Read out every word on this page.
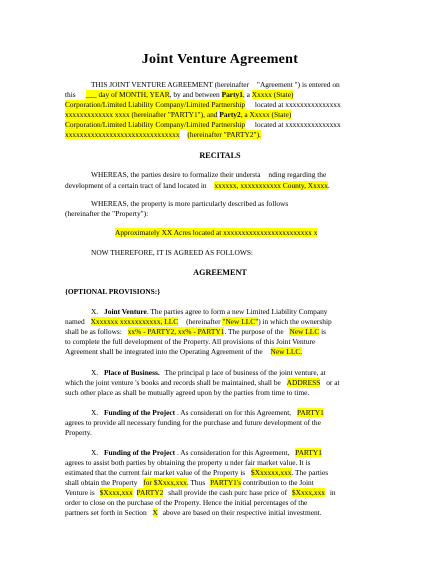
Joint Venture Agreement
THIS JOINT VENTURE AGREEMENT (hereinafter "Agreement ") is entered on
this ___ day of MONTH, YEAR, by and between Party1, a Xxxxx (State)
Corporation/Limited Liability Company/Limited Partnership located at xxxxxxxxxxxxxxx
xxxxxxxxxxxxx xxxx (hereinafter "PARTY1"), and Party2, a Xxxxx (State)
Corporation/Limited Liability Company/Limited Partnership located at xxxxxxxxxxxxxxx
xxxxxxxxxxxxxxxxxxxxxxxxxxxxxxx (hereinafter "PARTY2").
RECITALS
WHEREAS, the parties desire to formalize their understa nding regarding the
development of a certain tract of land located in xxxxxx, xxxxxxxxxxx County, Xxxxx.
WHEREAS, the property is more particularly described as follows
(hereinafter the "Property"):
Approximately XX Acres located at xxxxxxxxxxxxxxxxxxxxxxxx x
NOW THEREFORE, IT IS AGREED AS FOLLOWS:
AGREEMENT
{OPTIONAL PROVISIONS:}
X. Joint Venture. The parties agree to form a new Limited Liability Company
named Xxxxxxx xxxxxxxxxxx, LLC (hereinafter "New LLC") in which the ownership
shall be as follows: xx% - PARTY2, xx% - PARTY1. The purpose of the New LLC is
to complete the full development of the Property. All provisions of this Joint Venture
Agreement shall be integrated into the Operating Agreement of the New LLC.
X. Place of Business. The principal p lace of business of the joint venture, at
which the joint venture 's books and records shall be maintained, shall be ADDRESS or at
such other place as shall be mutually agreed upon by the parties from time to time.
X. Funding of the Project . As considerati on for this Agreement, PARTY1
agrees to provide all necessary funding for the purchase and future development of the
Property.
X. Funding of the Project . As consideration for this Agreement, PARTY1
agrees to assist both parties by obtaining the property u nder fair market value. It is
estimated that the current fair market value of the Property is $Xxxxxx,xxx. The parties
shall obtain the Property for $Xxxx,xxx. Thus PARTY1's contribution to the Joint
Venture is $Xxxx,xxx PARTY2 shall provide the cash purc hase price of $Xxxx,xxx in
order to close on the purchase of the Property. Hence the initial percentages of the
partners set forth in Section X above are based on their respective initial investment.
